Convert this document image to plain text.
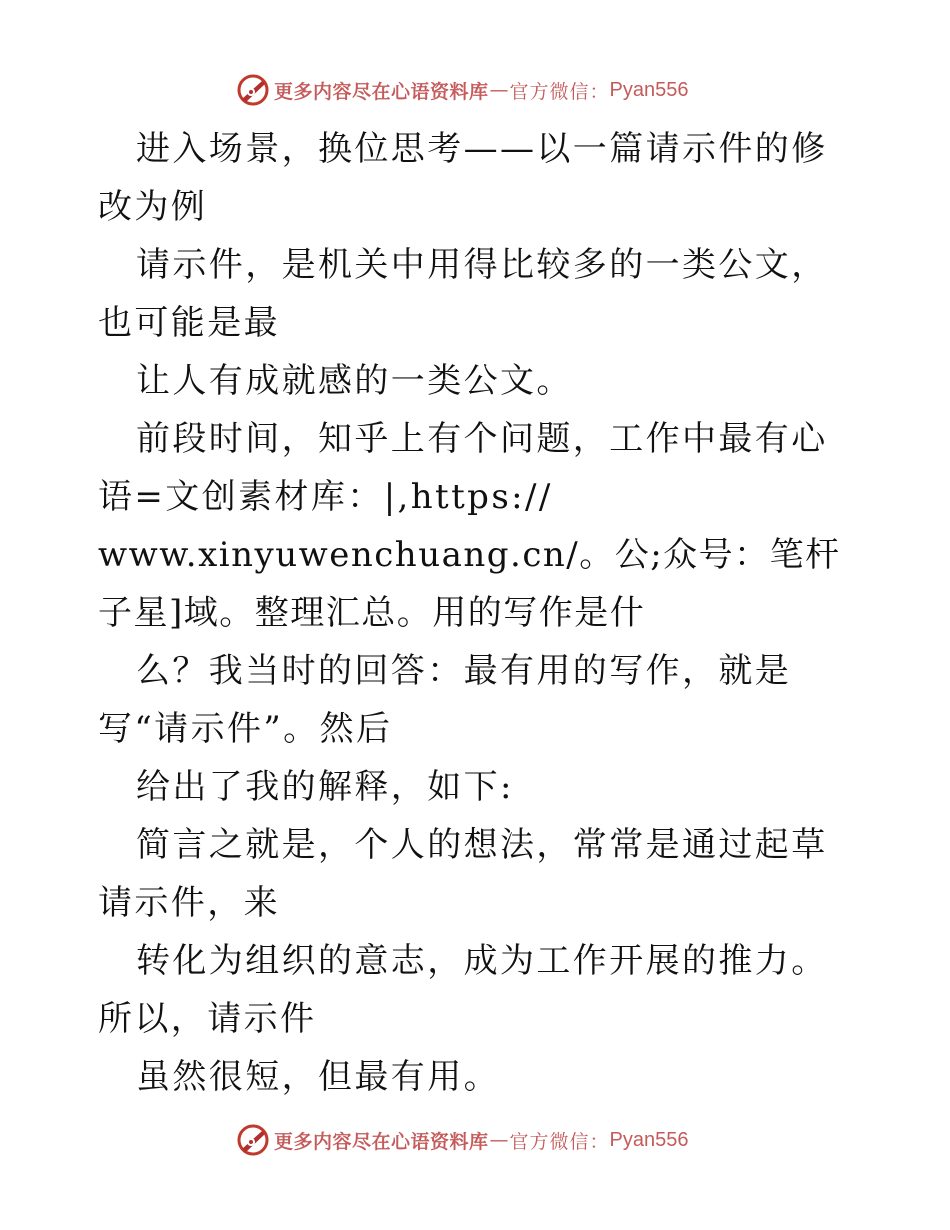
更多内容尽在心语资料库 — 官方微信： Pyan556

进入场景，换位思考——以一篇请示件的修改为例

请示件，是机关中用得比较多的一类公文，也可能是最

让人有成就感的一类公文。

前段时间，知乎上有个问题，工作中最有心语=文创素材库：|,https://

www.xinyuwenchuang.cn/。公;众号：笔杆子星]域。整理汇总。用的写作是什

么？我当时的回答：最有用的写作，就是写“请示件”。然后

给出了我的解释，如下:

简言之就是，个人的想法，常常是通过起草请示件，来

转化为组织的意志，成为工作开展的推力。所以，请示件

虽然很短，但最有用。

更多内容尽在心语资料库 — 官方微信： Pyan556
